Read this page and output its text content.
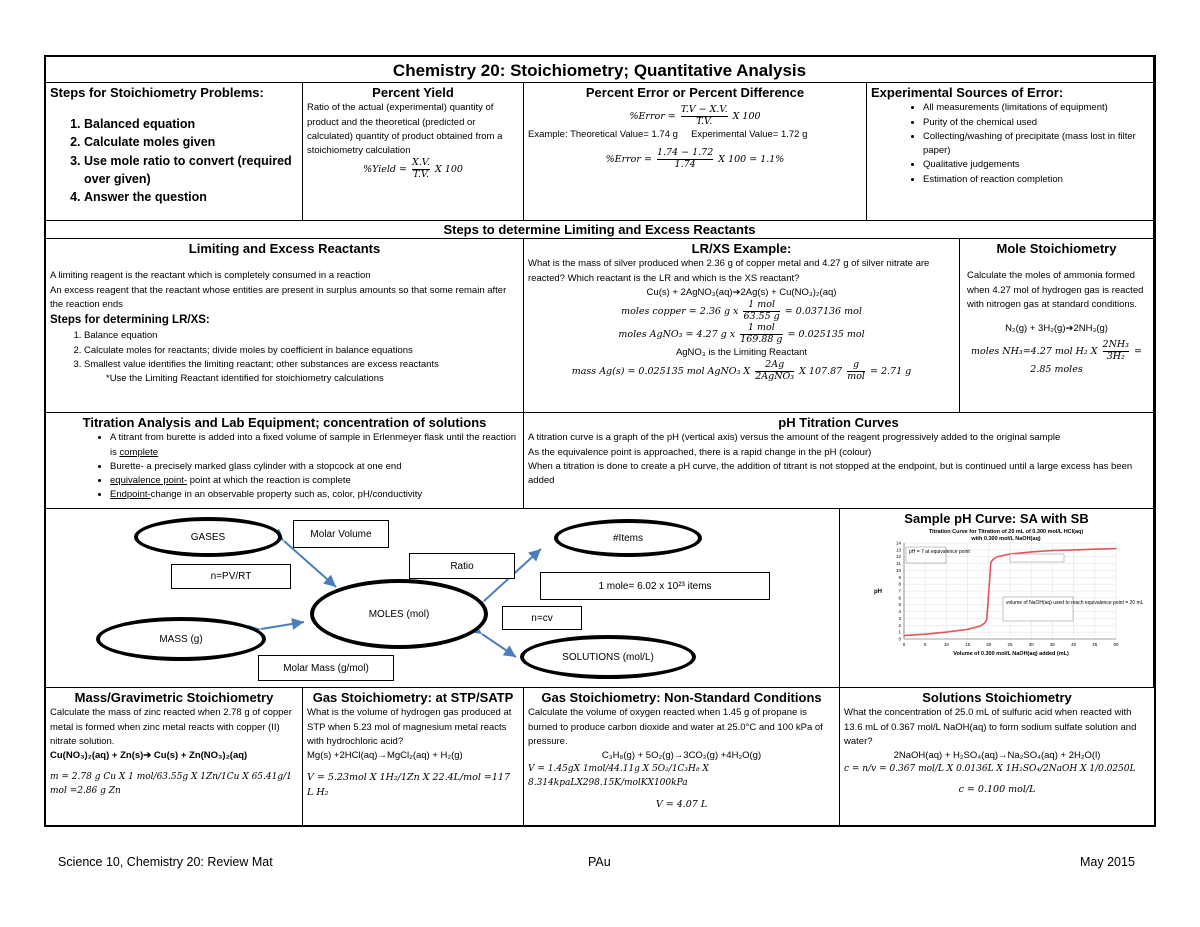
Chemistry 20: Stoichiometry; Quantitative Analysis
Steps for Stoichiometry Problems:
1. Balanced equation
2. Calculate moles given
3. Use mole ratio to convert (required over given)
4. Answer the question
Percent Yield
Ratio of the actual (experimental) quantity of product and the theoretical (predicted or calculated) quantity of product obtained from a stoichiometry calculation
%Yield = $\frac{X.V.}{T.V.}$ X 100
Percent Error or Percent Difference
%Error = $\frac{T.V - X.V.}{T.V.}$ X 100
Example: Theoretical Value= 1.74 g     Experimental Value= 1.72 g
%Error = $\frac{1.74 - 1.72}{1.74}$ X 100 = 1.1%
Experimental Sources of Error:
• All measurements (limitations of equipment)
• Purity of the chemical used
• Collecting/washing of precipitate (mass lost in filter paper)
• Qualitative judgements
• Estimation of reaction completion
Steps to determine Limiting and Excess Reactants
Limiting and Excess Reactants
A limiting reagent is the reactant which is completely consumed in a reaction
An excess reagent that the reactant whose entities are present in surplus amounts so that some remain after the reaction ends
Steps for determining LR/XS:
1. Balance equation
2. Calculate moles for reactants; divide moles by coefficient in balance equations
3. Smallest value identifies the limiting reactant; other substances are excess reactants
*Use the Limiting Reactant identified for stoichiometry calculations
LR/XS Example:
What is the mass of silver produced when 2.36 g of copper metal and 4.27 g of silver nitrate are reacted? Which reactant is the LR and which is the XS reactant?
Cu(s) + 2AgNO₃(aq)➔2Ag(s) + Cu(NO₃)₂(aq)
moles copper = 2.36 g x $\frac{\text{1 mol}}{63.55 g} = 0.037136$ mol
moles AgNO₃ = 4.27 g x $\frac{\text{1 mol}}{169.88 g} = 0.025135$ mol
AgNO₃ is the Limiting Reactant
mass Ag(s) = 0.025135 mol AgNO₃ X $\frac{2Ag}{\text{2AgNO₃}}$ X $107.87 \frac{g}{\text{mol}} = 2.71$ g
Mole Stoichiometry
Calculate the moles of ammonia formed when 4.27 mol of hydrogen gas is reacted with nitrogen gas at standard conditions.
N₂(g) + 3H₂(g)➔2NH₃(g)
moles NH₃=4.27 mol H₂ X $\frac{\text{2NH₃}}{\text{3H₂}} = 2.85$ moles
Titration Analysis and Lab Equipment; concentration of solutions
• A titrant from burette is added into a fixed volume of sample in Erlenmeyer flask until the reaction is complete
• Burette- a precisely marked glass cylinder with a stopcock at one end
• equivalence point- point at which the reaction is complete
• Endpoint-change in an observable property such as, color, pH/conductivity
pH Titration Curves
A titration curve is a graph of the pH (vertical axis) versus the amount of the reagent progressively added to the original sample
As the equivalence point is approached, there is a rapid change in the pH (colour)
When a titration is done to create a pH curve, the addition of titrant is not stopped at the endpoint, but is continued until a large excess has been added
GASES	Molar Volume	#Items
n=PV/RT
Ratio
1 mole= 6.02 x 10²³ items
MOLES (mol)	n=cv
MASS (g)
SOLUTIONS (mol/L)
Molar Mass (g/mol)
Sample pH Curve: SA with SB
Mass/Gravimetric Stoichiometry
Calculate the mass of zinc reacted when 2.78 g of copper metal is formed when zinc metal reacts with copper (II) nitrate solution.
Cu(NO₃)₂(aq) + Zn(s)➔ Cu(s) + Zn(NO₃)₂(aq)
m = 2.78 g Cu X 1 mol/63.55g X 1Zn/1Cu X 65.41g/1 mol =2.86 g Zn
Gas Stoichiometry: at STP/SATP
What is the volume of hydrogen gas produced at STP when 5.23 mol of magnesium metal reacts with hydrochloric acid?
Mg(s) +2HCl(aq)→MgCl₂(aq) + H₂(g)
V = 5.23mol X 1H₂/1Zn X 22.4L/mol =117 L H₂
Gas Stoichiometry: Non-Standard Conditions
Calculate the volume of oxygen reacted when 1.45 g of propane is burned to produce carbon dioxide and water at 25.0°C and 100 kPa of pressure.
C₃H₈(g) + 5O₂(g)→3CO₂(g) +4H₂O(g)
V = 1.45gX 1mol/44.11g X 5O₂/1C₃H₈ X 8.314kpaLX298.15K/molKX100kPa
V = 4.07 L
Solutions Stoichiometry
What the concentration of 25.0 mL of sulfuric acid when reacted with 13.6 mL of 0.367 mol/L NaOH(aq) to form sodium sulfate solution and water?
2NaOH(aq) + H₂SO₄(aq)→Na₂SO₄(aq) + 2H₂O(l)
c = n/v = 0.367 mol/L X 0.0136L X 1H₂SO₄/2NaOH X 1/0.0250L
c = 0.100 mol/L
Titration Curve for Titration of 20 mL of 0.300 mol/L HCl(aq)
with 0.300 mol/L NaOH(aq)
pH
Volume of 0.300 mol/L NaOH(aq) added (mL)
0
1
2
3
4
5
6
7
8
9
10
11
12
13
14
0	5	10	15	20	25	30	35	40	45	50
pH = 7 at equivalence point
volume of NaOH(aq) used to reach equivalence point = 20 mL
Science 10, Chemistry 20: Review Mat	PAu	May 2015
